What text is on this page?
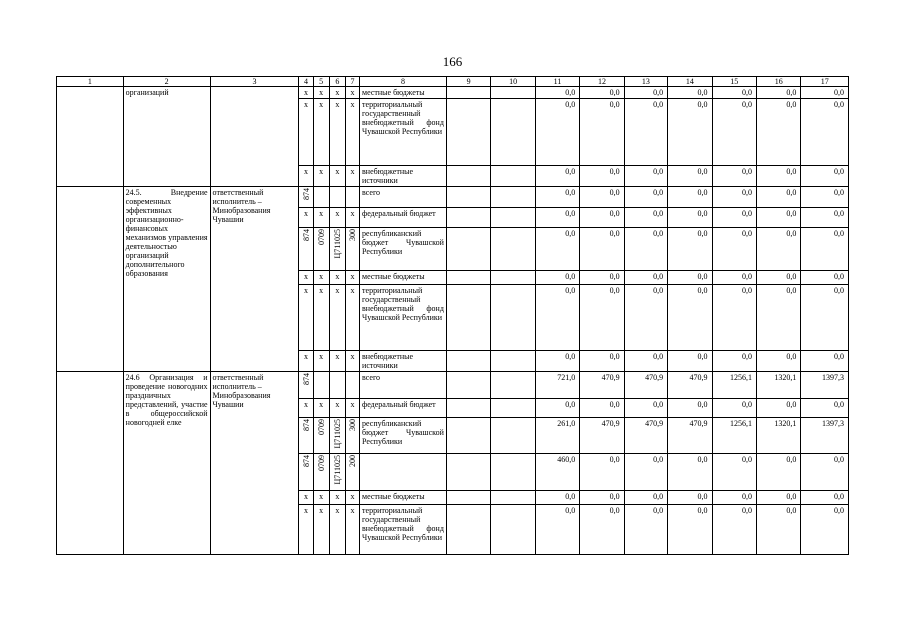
166
1	2	3	4	5	6	7	8	9	10	11	12	13	14	15	16	17
	организаций		х	х	х	х	местные бюджеты			0,0	0,0	0,0	0,0	0,0	0,0	0,0
			х	х	х	х	территориальный государственный внебюджетный фонд Чувашской Республики			0,0	0,0	0,0	0,0	0,0	0,0	0,0
			х	х	х	х	внебюджетные источники			0,0	0,0	0,0	0,0	0,0	0,0	0,0
	24.5. Внедрение современных эффективных организационно-финансовых механизмов управления деятельностью организаций дополнительного образования	ответственный исполнитель – Минобразования Чувашии	874				всего			0,0	0,0	0,0	0,0	0,0	0,0	0,0
			х	х	х	х	федеральный бюджет			0,0	0,0	0,0	0,0	0,0	0,0	0,0
			874	0709	Ц711025	300	республиканский бюджет Чувашской Республики			0,0	0,0	0,0	0,0	0,0	0,0	0,0
			х	х	х	х	местные бюджеты			0,0	0,0	0,0	0,0	0,0	0,0	0,0
			х	х	х	х	территориальный государственный внебюджетный фонд Чувашской Республики			0,0	0,0	0,0	0,0	0,0	0,0	0,0
			х	х	х	х	внебюджетные источники			0,0	0,0	0,0	0,0	0,0	0,0	0,0
	24.6 Организация и проведение новогодних праздничных представлений, участие в общероссийской новогодней елке	ответственный исполнитель – Минобразования Чувашии	874				всего			721,0	470,9	470,9	470,9	1256,1	1320,1	1397,3
			х	х	х	х	федеральный бюджет			0,0	0,0	0,0	0,0	0,0	0,0	0,0
			874	0709	Ц711025	300	республиканский бюджет Чувашской Республики			261,0	470,9	470,9	470,9	1256,1	1320,1	1397,3
			874	0709	Ц711025	200				460,0	0,0	0,0	0,0	0,0	0,0	0,0
			х	х	х	х	местные бюджеты			0,0	0,0	0,0	0,0	0,0	0,0	0,0
			х	х	х	х	территориальный государственный внебюджетный фонд Чувашской Республики			0,0	0,0	0,0	0,0	0,0	0,0	0,0
